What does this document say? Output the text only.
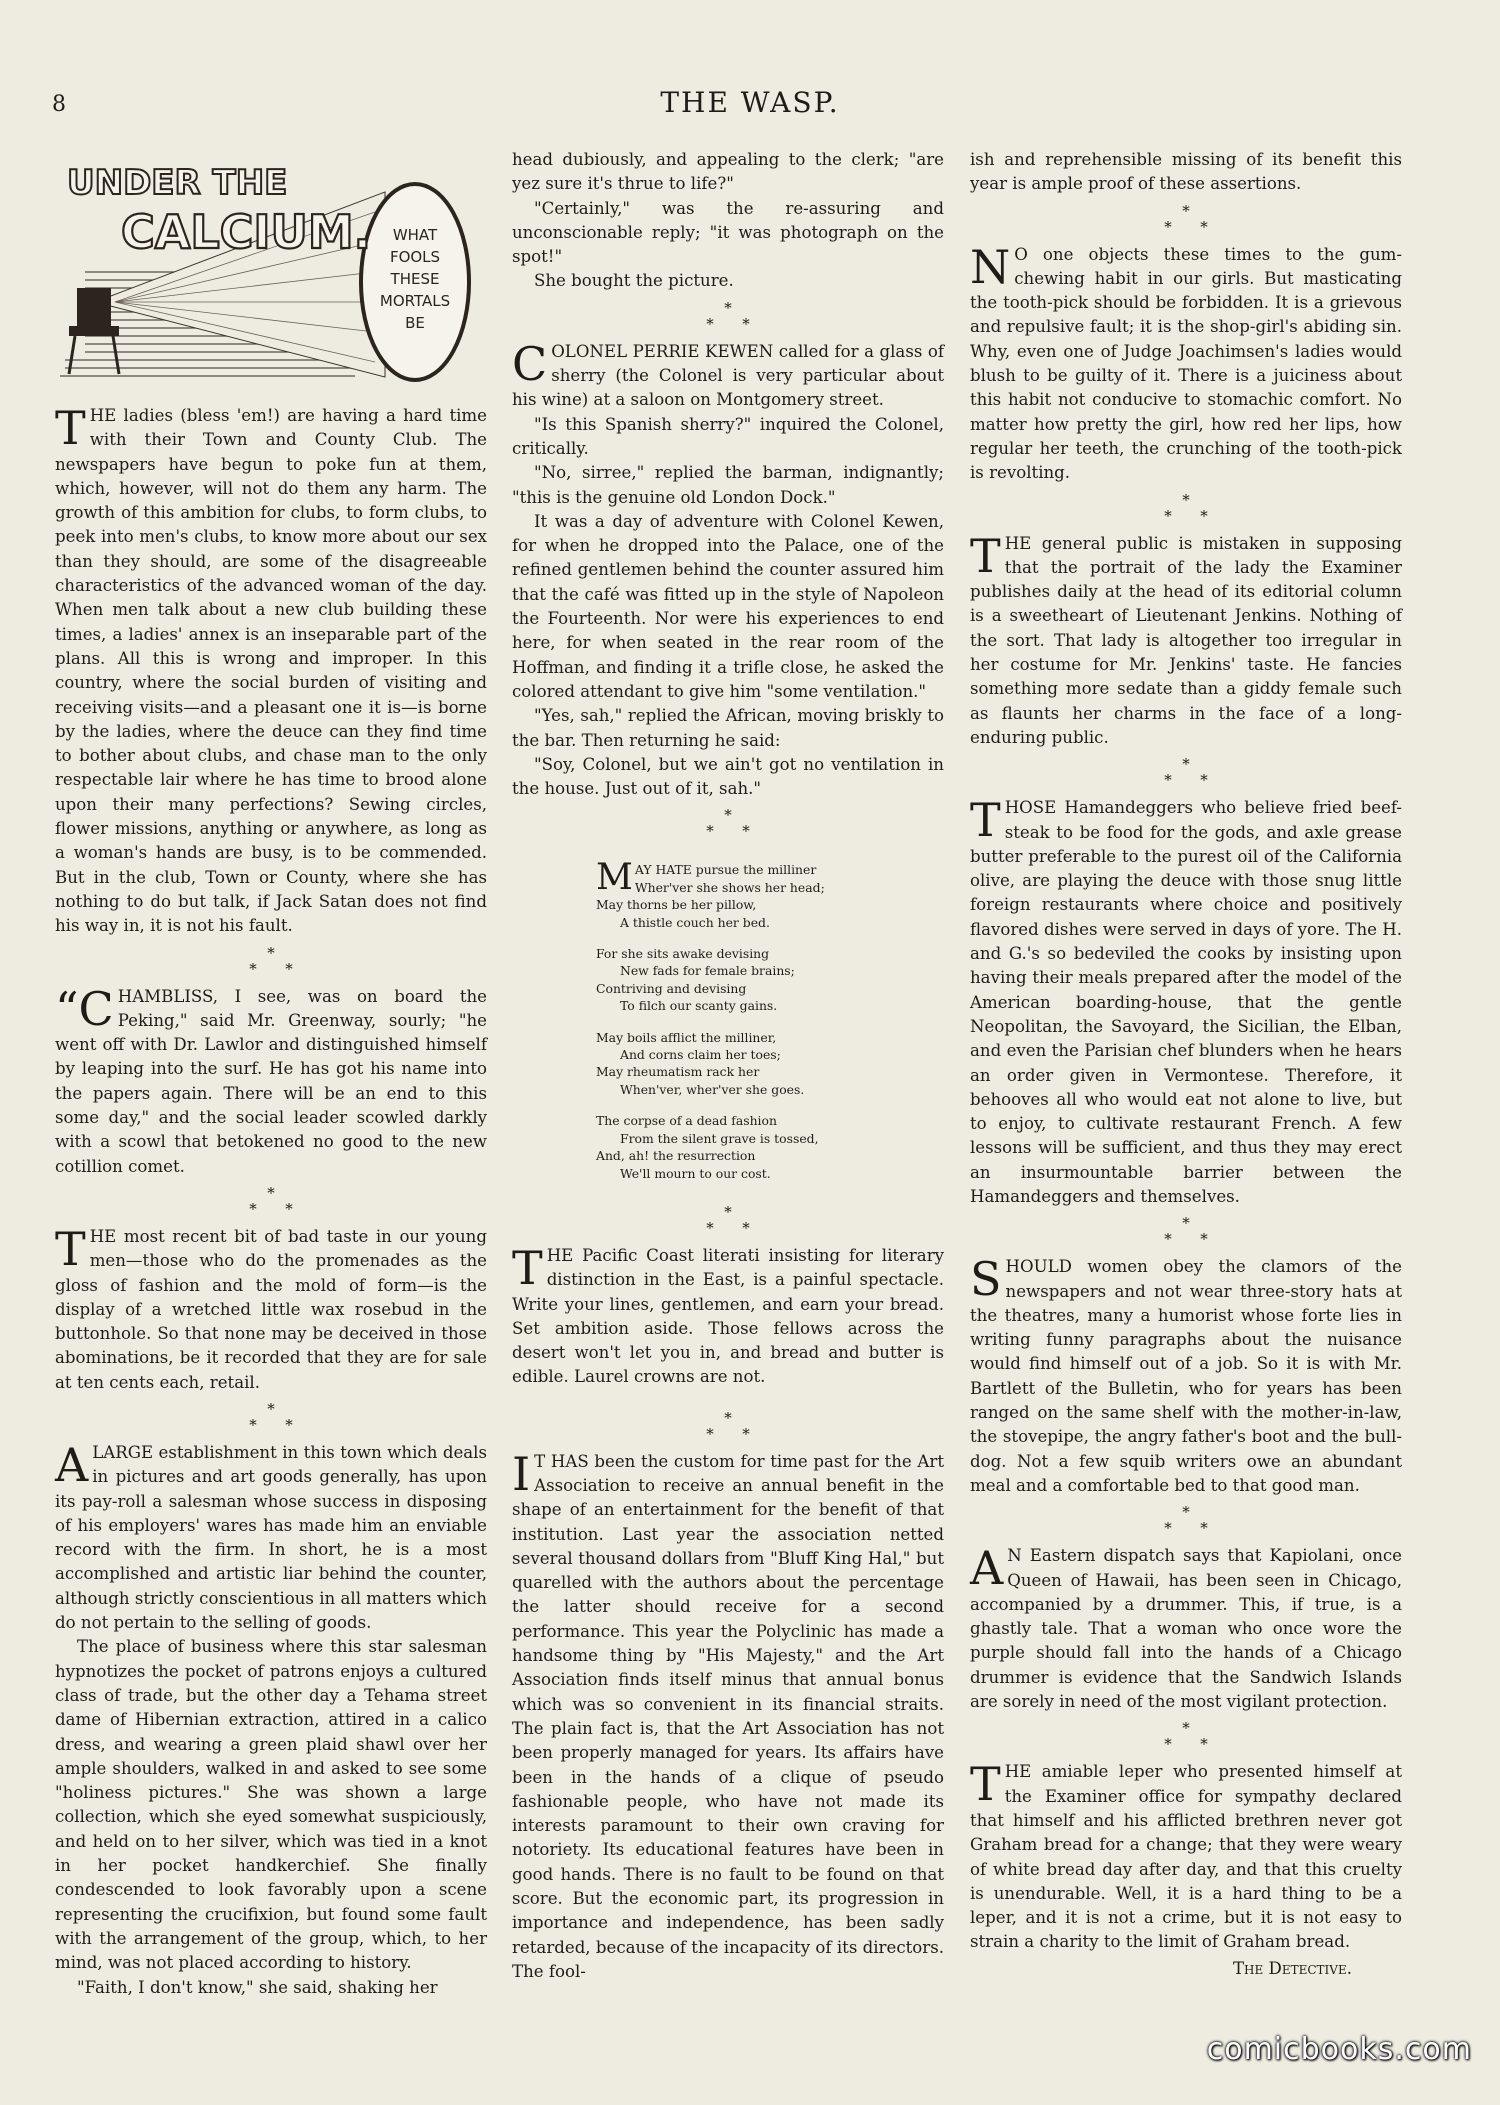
8	THE WASP.
WHAT
FOOLS
THESE
MORTALS
BE
UNDER THE
CALCIUM.

THE ladies (bless 'em!) are having a hard time with their Town and County Club. The newspapers have begun to poke fun at them, which, however, will not do them any harm. The growth of this ambition for clubs, to form clubs, to peek into men's clubs, to know more about our sex than they should, are some of the disagreeable characteristics of the advanced woman of the day. When men talk about a new club building these times, a ladies' annex is an inseparable part of the plans. All this is wrong and improper. In this country, where the social burden of visiting and receiving visits—and a pleasant one it is—is borne by the ladies, where the deuce can they find time to bother about clubs, and chase man to the only respectable lair where he has time to brood alone upon their many perfections? Sewing circles, flower missions, anything or anywhere, as long as a woman's hands are busy, is to be commended. But in the club, Town or County, where she has nothing to do but talk, if Jack Satan does not find his way in, it is not his fault.

*
* *

“CHAMBLISS, I see, was on board the Peking," said Mr. Greenway, sourly; "he went off with Dr. Lawlor and distinguished himself by leaping into the surf. He has got his name into the papers again. There will be an end to this some day," and the social leader scowled darkly with a scowl that betokened no good to the new cotillion comet.

*
* *

THE most recent bit of bad taste in our young men—those who do the promenades as the gloss of fashion and the mold of form—is the display of a wretched little wax rosebud in the buttonhole. So that none may be deceived in those abominations, be it recorded that they are for sale at ten cents each, retail.

*
* *

ALARGE establishment in this town which deals in pictures and art goods generally, has upon its pay-roll a salesman whose success in disposing of his employers' wares has made him an enviable record with the firm. In short, he is a most accomplished and artistic liar behind the counter, although strictly conscientious in all matters which do not pertain to the selling of goods.

The place of business where this star salesman hypnotizes the pocket of patrons enjoys a cultured class of trade, but the other day a Tehama street dame of Hibernian extraction, attired in a calico dress, and wearing a green plaid shawl over her ample shoulders, walked in and asked to see some "holiness pictures." She was shown a large collection, which she eyed somewhat suspiciously, and held on to her silver, which was tied in a knot in her pocket handkerchief. She finally condescended to look favorably upon a scene representing the crucifixion, but found some fault with the arrangement of the group, which, to her mind, was not placed according to history.

"Faith, I don't know," she said, shaking her

head dubiously, and appealing to the clerk; "are yez sure it's thrue to life?"

"Certainly," was the re-assuring and unconscionable reply; "it was photograph on the spot!"

She bought the picture.

*
* *

COLONEL PERRIE KEWEN called for a glass of sherry (the Colonel is very particular about his wine) at a saloon on Montgomery street.

"Is this Spanish sherry?" inquired the Colonel, critically.

"No, sirree," replied the barman, indignantly; "this is the genuine old London Dock."

It was a day of adventure with Colonel Kewen, for when he dropped into the Palace, one of the refined gentlemen behind the counter assured him that the café was fitted up in the style of Napoleon the Fourteenth. Nor were his experiences to end here, for when seated in the rear room of the Hoffman, and finding it a trifle close, he asked the colored attendant to give him "some ventilation."

"Yes, sah," replied the African, moving briskly to the bar. Then returning he said:

"Soy, Colonel, but we ain't got no ventilation in the house. Just out of it, sah."

*
* *
MAY HATE pursue the milliner
Wher'ver she shows her head;
May thorns be her pillow,
A thistle couch her bed.
For she sits awake devising
New fads for female brains;
Contriving and devising
To filch our scanty gains.
May boils afflict the milliner,
And corns claim her toes;
May rheumatism rack her
When'ver, wher'ver she goes.
The corpse of a dead fashion
From the silent grave is tossed,
And, ah! the resurrection
We'll mourn to our cost.
*
* *

THE Pacific Coast literati insisting for literary distinction in the East, is a painful spectacle. Write your lines, gentlemen, and earn your bread. Set ambition aside. Those fellows across the desert won't let you in, and bread and butter is edible. Laurel crowns are not.

*
* *

I T HAS been the custom for time past for the Art Association to receive an annual benefit in the shape of an entertainment for the benefit of that institution. Last year the association netted several thousand dollars from "Bluff King Hal," but quarelled with the authors about the percentage the latter should receive for a second performance. This year the Polyclinic has made a handsome thing by "His Majesty," and the Art Association finds itself minus that annual bonus which was so convenient in its financial straits. The plain fact is, that the Art Association has not been properly managed for years. Its affairs have been in the hands of a clique of pseudo fashionable people, who have not made its interests paramount to their own craving for notoriety. Its educational features have been in good hands. There is no fault to be found on that score. But the economic part, its progression in importance and independence, has been sadly retarded, because of the incapacity of its directors. The fool-

ish and reprehensible missing of its benefit this year is ample proof of these assertions.

*
* *

N O one objects these times to the gum-chewing habit in our girls. But masticating the tooth-pick should be forbidden. It is a grievous and repulsive fault; it is the shop-girl's abiding sin. Why, even one of Judge Joachimsen's ladies would blush to be guilty of it. There is a juiciness about this habit not conducive to stomachic comfort. No matter how pretty the girl, how red her lips, how regular her teeth, the crunching of the tooth-pick is revolting.

*
* *

THE general public is mistaken in supposing that the portrait of the lady the Examiner publishes daily at the head of its editorial column is a sweetheart of Lieutenant Jenkins. Nothing of the sort. That lady is altogether too irregular in her costume for Mr. Jenkins' taste. He fancies something more sedate than a giddy female such as flaunts her charms in the face of a long-enduring public.

*
* *

THOSE Hamandeggers who believe fried beef-steak to be food for the gods, and axle grease butter preferable to the purest oil of the California olive, are playing the deuce with those snug little foreign restaurants where choice and positively flavored dishes were served in days of yore. The H. and G.'s so bedeviled the cooks by insisting upon having their meals prepared after the model of the American boarding-house, that the gentle Neopolitan, the Savoyard, the Sicilian, the Elban, and even the Parisian chef blunders when he hears an order given in Vermontese. Therefore, it behooves all who would eat not alone to live, but to enjoy, to cultivate restaurant French. A few lessons will be sufficient, and thus they may erect an insurmountable barrier between the Hamandeggers and themselves.

*
* *

SHOULD women obey the clamors of the newspapers and not wear three-story hats at the theatres, many a humorist whose forte lies in writing funny paragraphs about the nuisance would find himself out of a job. So it is with Mr. Bartlett of the Bulletin, who for years has been ranged on the same shelf with the mother-in-law, the stovepipe, the angry father's boot and the bull-dog. Not a few squib writers owe an abundant meal and a comfortable bed to that good man.

*
* *

A N Eastern dispatch says that Kapiolani, once Queen of Hawaii, has been seen in Chicago, accompanied by a drummer. This, if true, is a ghastly tale. That a woman who once wore the purple should fall into the hands of a Chicago drummer is evidence that the Sandwich Islands are sorely in need of the most vigilant protection.

*
* *

THE amiable leper who presented himself at the Examiner office for sympathy declared that himself and his afflicted brethren never got Graham bread for a change; that they were weary of white bread day after day, and that this cruelty is unendurable. Well, it is a hard thing to be a leper, and it is not a crime, but it is not easy to strain a charity to the limit of Graham bread.

The Detective.
comicbooks.com
